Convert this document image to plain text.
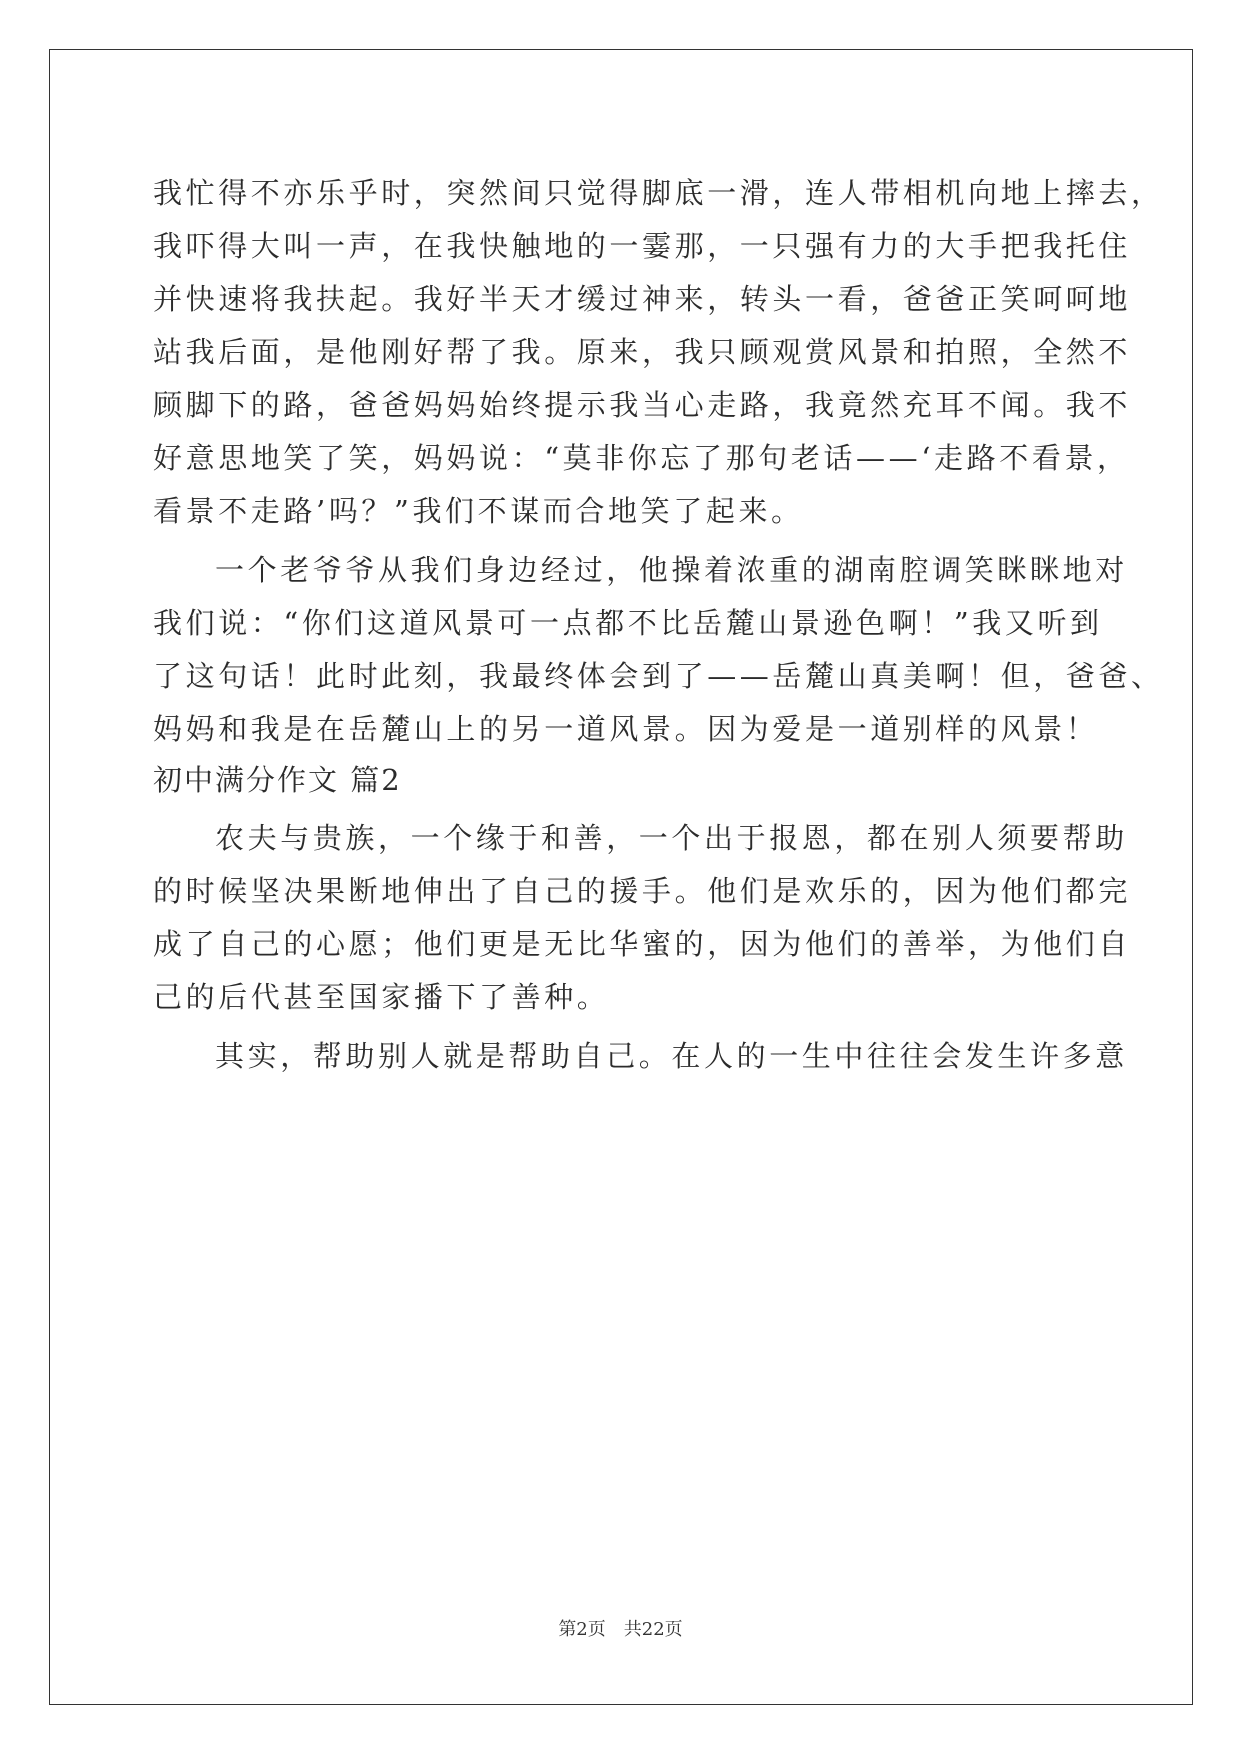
我忙得不亦乐乎时，突然间只觉得脚底一滑，连人带相机向地上摔去，
我吓得大叫一声，在我快触地的一霎那，一只强有力的大手把我托住
并快速将我扶起。我好半天才缓过神来，转头一看，爸爸正笑呵呵地
站我后面，是他刚好帮了我。原来，我只顾观赏风景和拍照，全然不
顾脚下的路，爸爸妈妈始终提示我当心走路，我竟然充耳不闻。我不
好意思地笑了笑，妈妈说：“莫非你忘了那句老话——‘走路不看景，
看景不走路’吗？”我们不谋而合地笑了起来。
一个老爷爷从我们身边经过，他操着浓重的湖南腔调笑眯眯地对
我们说：“你们这道风景可一点都不比岳麓山景逊色啊！”我又听到
了这句话！此时此刻，我最终体会到了——岳麓山真美啊！但，爸爸、
妈妈和我是在岳麓山上的另一道风景。因为爱是一道别样的风景！
初中满分作文 篇2
农夫与贵族，一个缘于和善，一个出于报恩，都在别人须要帮助
的时候坚决果断地伸出了自己的援手。他们是欢乐的，因为他们都完
成了自己的心愿；他们更是无比华蜜的，因为他们的善举，为他们自
己的后代甚至国家播下了善种。
其实，帮助别人就是帮助自己。在人的一生中往往会发生许多意
第2页 共22页
